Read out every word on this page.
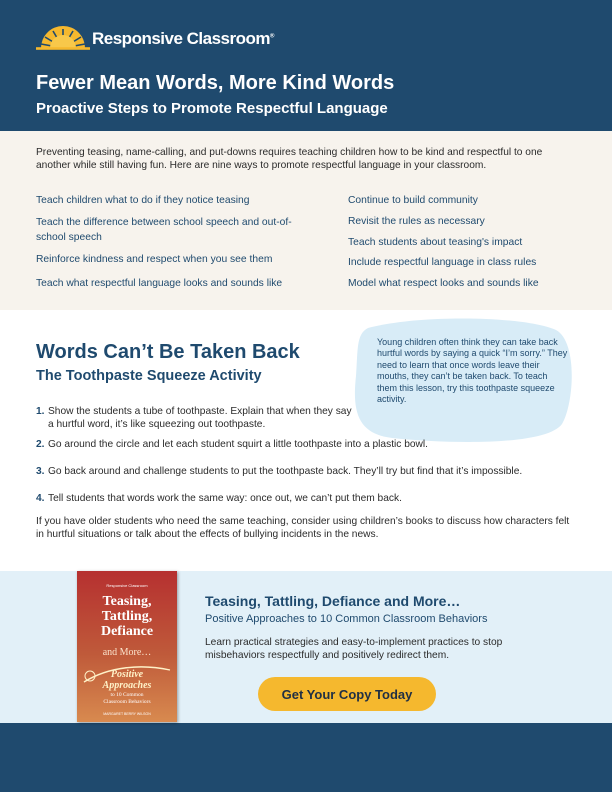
Responsive Classroom®
Fewer Mean Words, More Kind Words
Proactive Steps to Promote Respectful Language

Preventing teasing, name-calling, and put-downs requires teaching children how to be kind and respectful to one another while still having fun. Here are nine ways to promote respectful language in your classroom.

Teach children what to do if they notice teasing
Teach the difference between school speech and out-of-school speech
Reinforce kindness and respect when you see them
Teach what respectful language looks and sounds like
Continue to build community
Revisit the rules as necessary
Teach students about teasing's impact
Include respectful language in class rules
Model what respect looks and sounds like
Words Can’t Be Taken Back
The Toothpaste Squeeze Activity

Young children often think they can take back hurtful words by saying a quick “I’m sorry.” They need to learn that once words leave their mouths, they can’t be taken back. To teach them this lesson, try this toothpaste squeeze activity.

1. Show the students a tube of toothpaste. Explain that when they say a hurtful word, it’s like squeezing out toothpaste.
2. Go around the circle and let each student squirt a little toothpaste into a plastic bowl.
3. Go back around and challenge students to put the toothpaste back. They’ll try but find that it’s impossible.
4. Tell students that words work the same way: once out, we can’t put them back.

If you have older students who need the same teaching, consider using children’s books to discuss how characters felt in hurtful situations or talk about the effects of bullying incidents in the news.

Responsive Classroom
Teasing,
Tattling,
Defiance
and More…
Positive
Approaches
to 10 Common
Classroom Behaviors
MARGARET BERRY WILSON
Teasing, Tattling, Defiance and More…

Positive Approaches to 10 Common Classroom Behaviors

Learn practical strategies and easy-to-implement practices to stop misbehaviors respectfully and positively redirect them.

Get Your Copy Today
